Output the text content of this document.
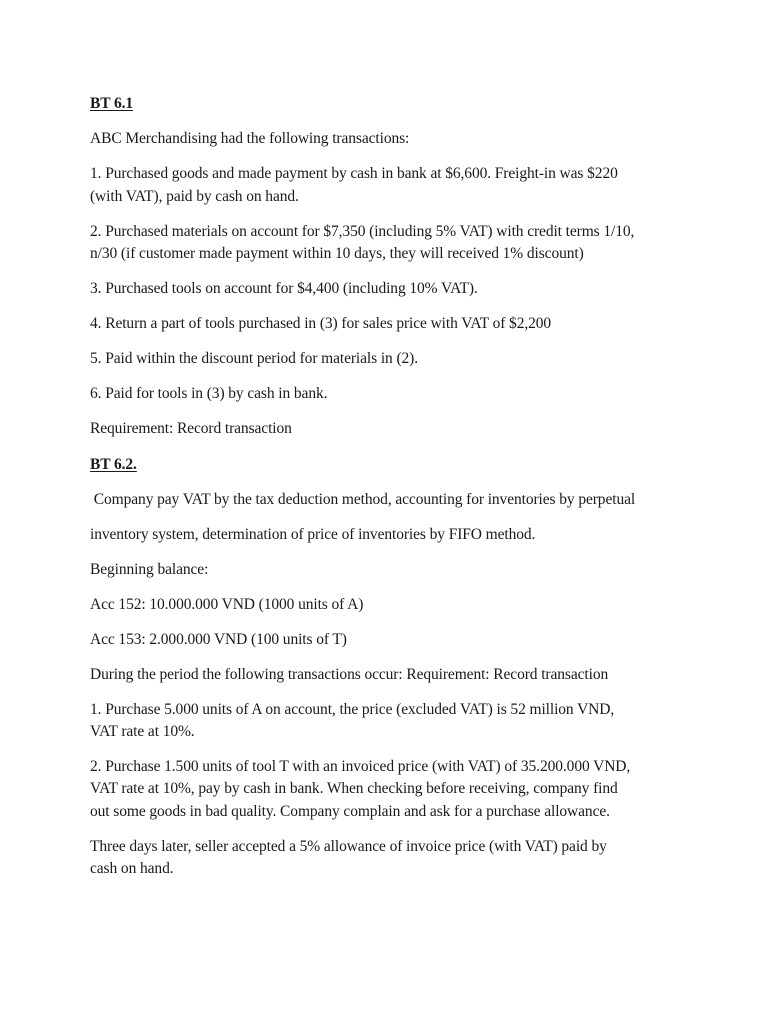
BT 6.1

ABC Merchandising had the following transactions:

1. Purchased goods and made payment by cash in bank at $6,600. Freight-in was $220

(with VAT), paid by cash on hand.

2. Purchased materials on account for $7,350 (including 5% VAT) with credit terms 1/10,

n/30 (if customer made payment within 10 days, they will received 1% discount)

3. Purchased tools on account for $4,400 (including 10% VAT).

4. Return a part of tools purchased in (3) for sales price with VAT of $2,200

5. Paid within the discount period for materials in (2).

6. Paid for tools in (3) by cash in bank.

Requirement: Record transaction

BT 6.2.

Company pay VAT by the tax deduction method, accounting for inventories by perpetual

inventory system, determination of price of inventories by FIFO method.

Beginning balance:

Acc 152: 10.000.000 VND (1000 units of A)

Acc 153: 2.000.000 VND (100 units of T)

During the period the following transactions occur: Requirement: Record transaction

1. Purchase 5.000 units of A on account, the price (excluded VAT) is 52 million VND,

VAT rate at 10%.

2. Purchase 1.500 units of tool T with an invoiced price (with VAT) of 35.200.000 VND,

VAT rate at 10%, pay by cash in bank. When checking before receiving, company find

out some goods in bad quality. Company complain and ask for a purchase allowance.

Three days later, seller accepted a 5% allowance of invoice price (with VAT) paid by

cash on hand.
